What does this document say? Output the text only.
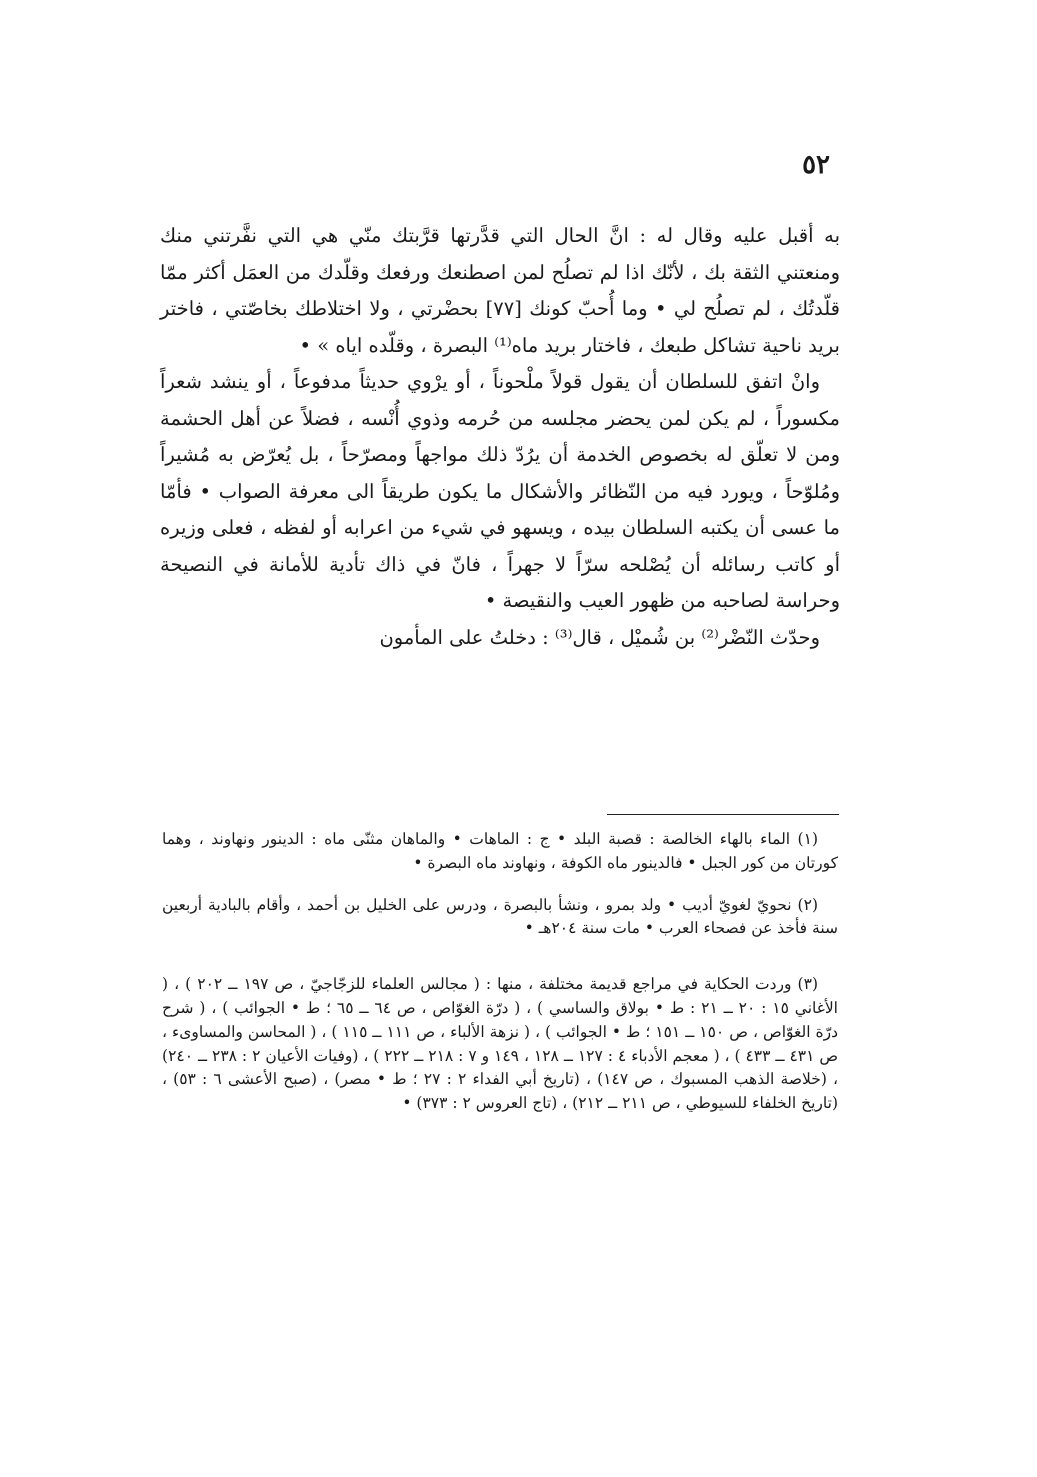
٥٢

به أقبل عليه وقال له : انَّ الحال التي قدَّرتها قرَّبتك منّي هي التي نفَّرتني منك ومنعتني الثقة بك ، لأنّك اذا لم تصلُح لمن اصطنعك ورفعك وقلّدك من العمَل أكثر ممّا قلّدتُك ، لم تصلُح لي • وما أُحبّ كونك [٧٧] بحضْرتي ، ولا اختلاطك بخاصّتي ، فاختر بريد ناحية تشاكل طبعك ، فاختار بريد ماه⁽¹⁾ البصرة ، وقلّده اياه » •

وانْ اتفق للسلطان أن يقول قولاً ملْحوناً ، أو يرْوي حديثاً مدفوعاً ، أو ينشد شعراً مكسوراً ، لم يكن لمن يحضر مجلسه من حُرمه وذوي أُنْسه ، فضلاً عن أهل الحشمة ومن لا تعلّق له بخصوص الخدمة أن يرُدّ ذلك مواجهاً ومصرّحاً ، بل يُعرّض به مُشيراً ومُلوّحاً ، ويورد فيه من النّظائر والأشكال ما يكون طريقاً الى معرفة الصواب • فأمّا ما عسى أن يكتبه السلطان بيده ، ويسهو في شيء من اعرابه أو لفظه ، فعلى وزيره أو كاتب رسائله أن يُصْلحه سرّاً لا جهراً ، فانّ في ذاك تأدية للأمانة في النصيحة وحراسة لصاحبه من ظهور العيب والنقيصة •

وحدّث النّضْر⁽²⁾ بن شُميْل ، قال⁽³⁾ : دخلتُ على المأمون

(١) الماء بالهاء الخالصة : قصبة البلد • ج : الماهات • والماهان مثنّى ماه : الدينور ونهاوند ، وهما كورتان من كور الجبل • فالدينور ماه الكوفة ، ونهاوند ماه البصرة •

(٢) نحويّ لغويّ أديب • ولد بمرو ، ونشأ بالبصرة ، ودرس على الخليل بن أحمد ، وأقام بالبادية أربعين سنة فأخذ عن فصحاء العرب • مات سنة ٢٠٤هـ •

(٣) وردت الحكاية في مراجع قديمة مختلفة ، منها : ( مجالس العلماء للزجّاجيّ ، ص ١٩٧ ــ ٢٠٢ ) ، ( الأغاني ١٥ : ٢٠ ــ ٢١ : ط • بولاق والساسي ) ، ( درّة الغوّاص ، ص ٦٤ ــ ٦٥ ؛ ط • الجوائب ) ، ( شرح درّة الغوّاص ، ص ١٥٠ ــ ١٥١ ؛ ط • الجوائب ) ، ( نزهة الألباء ، ص ١١١ ــ ١١٥ ) ، ( المحاسن والمساوىء ، ص ٤٣١ ــ ٤٣٣ ) ، ( معجم الأدباء ٤ : ١٢٧ ــ ١٢٨ ، ١٤٩ و ٧ : ٢١٨ ــ ٢٢٢ ) ، (وفيات الأعيان ٢ : ٢٣٨ ــ ٢٤٠) ، (خلاصة الذهب المسبوك ، ص ١٤٧) ، (تاريخ أبي الفداء ٢ : ٢٧ ؛ ط • مصر) ، (صبح الأعشى ٦ : ٥٣) ، (تاريخ الخلفاء للسيوطي ، ص ٢١١ ــ ٢١٢) ، (تاج العروس ٢ : ٣٧٣) •
